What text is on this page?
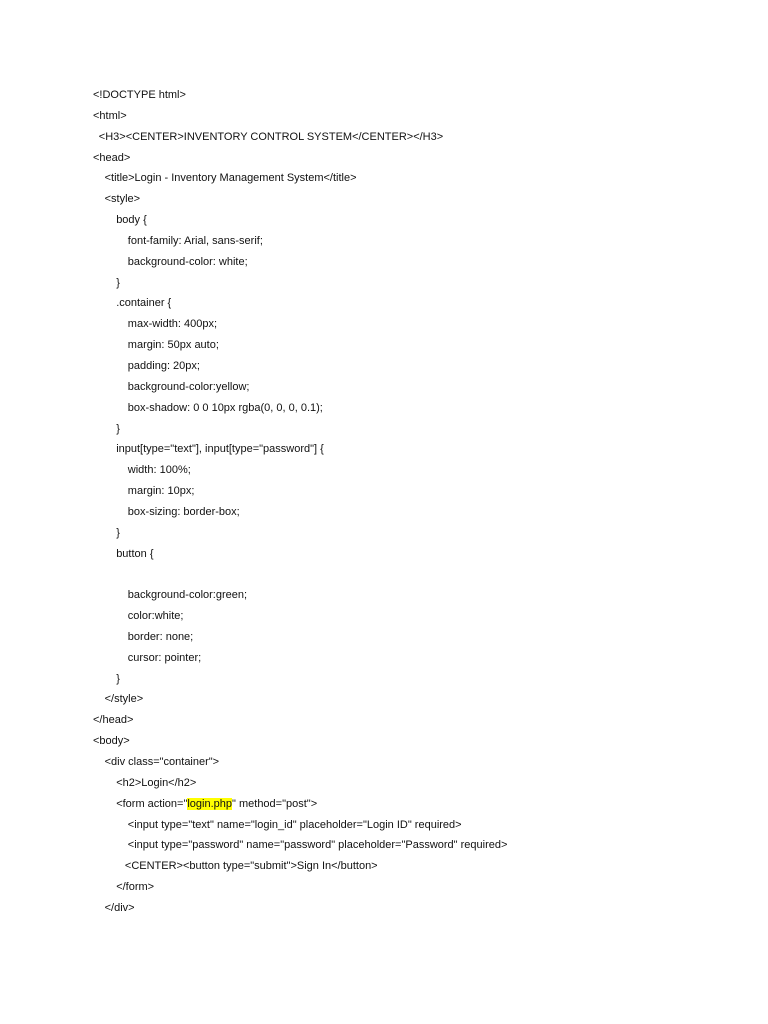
<!DOCTYPE html>
<html>
<H3><CENTER>INVENTORY CONTROL SYSTEM</CENTER></H3>
<head>
<title>Login - Inventory Management System</title>
<style>
body {
font-family: Arial, sans-serif;
background-color: white;
}
.container {
max-width: 400px;
margin: 50px auto;
padding: 20px;
background-color:yellow;
box-shadow: 0 0 10px rgba(0, 0, 0, 0.1);
}
input[type="text"], input[type="password"] {
width: 100%;
margin: 10px;
box-sizing: border-box;
}
button {
background-color:green;
color:white;
border: none;
cursor: pointer;
}
</style>
</head>
<body>
<div class="container">
<h2>Login</h2>
<form action="login.php" method="post">
<input type="text" name="login_id" placeholder="Login ID" required>
<input type="password" name="password" placeholder="Password" required>
<CENTER><button type="submit">Sign In</button>
</form>
</div>
